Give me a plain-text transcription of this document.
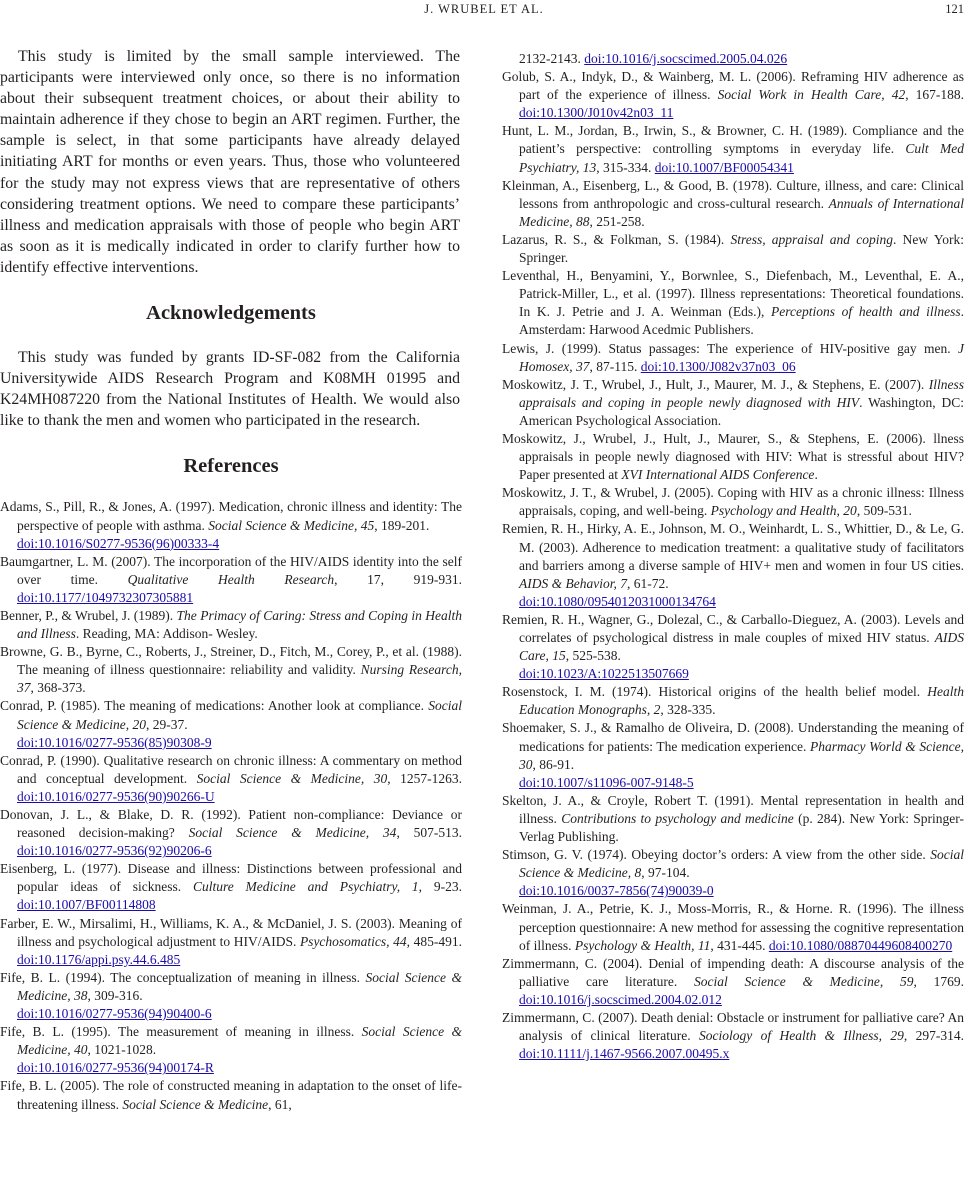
J. WRUBEL ET AL.	121

This study is limited by the small sample interviewed. The participants were interviewed only once, so there is no information about their subsequent treatment choices, or about their ability to maintain adherence if they chose to begin an ART regimen. Further, the sample is select, in that some participants have already delayed initiating ART for months or even years. Thus, those who volunteered for the study may not express views that are representative of others considering treatment options. We need to compare these participants’ illness and medication appraisals with those of people who begin ART as soon as it is medically indicated in order to clarify further how to identify effective interventions.

Acknowledgements

This study was funded by grants ID-SF-082 from the California Universitywide AIDS Research Program and K08MH 01995 and K24MH087220 from the National Institutes of Health. We would also like to thank the men and women who participated in the research.

References

Adams, S., Pill, R., & Jones, A. (1997). Medication, chronic illness and identity: The perspective of people with asthma. Social Science & Medicine, 45, 189-201.
doi:10.1016/S0277-9536(96)00333-4

Baumgartner, L. M. (2007). The incorporation of the HIV/AIDS identity into the self over time. Qualitative Health Research, 17, 919-931. doi:10.1177/1049732307305881

Benner, P., & Wrubel, J. (1989). The Primacy of Caring: Stress and Coping in Health and Illness. Reading, MA: Addison- Wesley.

Browne, G. B., Byrne, C., Roberts, J., Streiner, D., Fitch, M., Corey, P., et al. (1988). The meaning of illness questionnaire: reliability and validity. Nursing Research, 37, 368-373.

Conrad, P. (1985). The meaning of medications: Another look at compliance. Social Science & Medicine, 20, 29-37.
doi:10.1016/0277-9536(85)90308-9

Conrad, P. (1990). Qualitative research on chronic illness: A commentary on method and conceptual development. Social Science & Medicine, 30, 1257-1263. doi:10.1016/0277-9536(90)90266-U

Donovan, J. L., & Blake, D. R. (1992). Patient non-compliance: Deviance or reasoned decision-making? Social Science & Medicine, 34, 507-513. doi:10.1016/0277-9536(92)90206-6

Eisenberg, L. (1977). Disease and illness: Distinctions between professional and popular ideas of sickness. Culture Medicine and Psychiatry, 1, 9-23. doi:10.1007/BF00114808

Farber, E. W., Mirsalimi, H., Williams, K. A., & McDaniel, J. S. (2003). Meaning of illness and psychological adjustment to HIV/AIDS. Psychosomatics, 44, 485-491. doi:10.1176/appi.psy.44.6.485

Fife, B. L. (1994). The conceptualization of meaning in illness. Social Science & Medicine, 38, 309-316.
doi:10.1016/0277-9536(94)90400-6

Fife, B. L. (1995). The measurement of meaning in illness. Social Science & Medicine, 40, 1021-1028.
doi:10.1016/0277-9536(94)00174-R

Fife, B. L. (2005). The role of constructed meaning in adaptation to the onset of life-threatening illness. Social Science & Medicine, 61,

2132-2143. doi:10.1016/j.socscimed.2005.04.026

Golub, S. A., Indyk, D., & Wainberg, M. L. (2006). Reframing HIV adherence as part of the experience of illness. Social Work in Health Care, 42, 167-188. doi:10.1300/J010v42n03_11

Hunt, L. M., Jordan, B., Irwin, S., & Browner, C. H. (1989). Compliance and the patient’s perspective: controlling symptoms in everyday life. Cult Med Psychiatry, 13, 315-334. doi:10.1007/BF00054341

Kleinman, A., Eisenberg, L., & Good, B. (1978). Culture, illness, and care: Clinical lessons from anthropologic and cross-cultural research. Annuals of International Medicine, 88, 251-258.

Lazarus, R. S., & Folkman, S. (1984). Stress, appraisal and coping. New York: Springer.

Leventhal, H., Benyamini, Y., Borwnlee, S., Diefenbach, M., Leventhal, E. A., Patrick-Miller, L., et al. (1997). Illness representations: Theoretical foundations. In K. J. Petrie and J. A. Weinman (Eds.), Perceptions of health and illness. Amsterdam: Harwood Acedmic Publishers.

Lewis, J. (1999). Status passages: The experience of HIV-positive gay men. J Homosex, 37, 87-115. doi:10.1300/J082v37n03_06

Moskowitz, J. T., Wrubel, J., Hult, J., Maurer, M. J., & Stephens, E. (2007). Illness appraisals and coping in people newly diagnosed with HIV. Washington, DC: American Psychological Association.

Moskowitz, J., Wrubel, J., Hult, J., Maurer, S., & Stephens, E. (2006). llness appraisals in people newly diagnosed with HIV: What is stressful about HIV? Paper presented at XVI International AIDS Conference.

Moskowitz, J. T., & Wrubel, J. (2005). Coping with HIV as a chronic illness: Illness appraisals, coping, and well-being. Psychology and Health, 20, 509-531.

Remien, R. H., Hirky, A. E., Johnson, M. O., Weinhardt, L. S., Whittier, D., & Le, G. M. (2003). Adherence to medication treatment: a qualitative study of facilitators and barriers among a diverse sample of HIV+ men and women in four US cities. AIDS & Behavior, 7, 61-72.
doi:10.1080/0954012031000134764

Remien, R. H., Wagner, G., Dolezal, C., & Carballo-Dieguez, A. (2003). Levels and correlates of psychological distress in male couples of mixed HIV status. AIDS Care, 15, 525-538.
doi:10.1023/A:1022513507669

Rosenstock, I. M. (1974). Historical origins of the health belief model. Health Education Monographs, 2, 328-335.

Shoemaker, S. J., & Ramalho de Oliveira, D. (2008). Understanding the meaning of medications for patients: The medication experience. Pharmacy World & Science, 30, 86-91.
doi:10.1007/s11096-007-9148-5

Skelton, J. A., & Croyle, Robert T. (1991). Mental representation in health and illness. Contributions to psychology and medicine (p. 284). New York: Springer-Verlag Publishing.

Stimson, G. V. (1974). Obeying doctor’s orders: A view from the other side. Social Science & Medicine, 8, 97-104.
doi:10.1016/0037-7856(74)90039-0

Weinman, J. A., Petrie, K. J., Moss-Morris, R., & Horne. R. (1996). The illness perception questionnaire: A new method for assessing the cognitive representation of illness. Psychology & Health, 11, 431-445. doi:10.1080/08870449608400270

Zimmermann, C. (2004). Denial of impending death: A discourse analysis of the palliative care literature. Social Science & Medicine, 59, 1769. doi:10.1016/j.socscimed.2004.02.012

Zimmermann, C. (2007). Death denial: Obstacle or instrument for palliative care? An analysis of clinical literature. Sociology of Health & Illness, 29, 297-314. doi:10.1111/j.1467-9566.2007.00495.x
